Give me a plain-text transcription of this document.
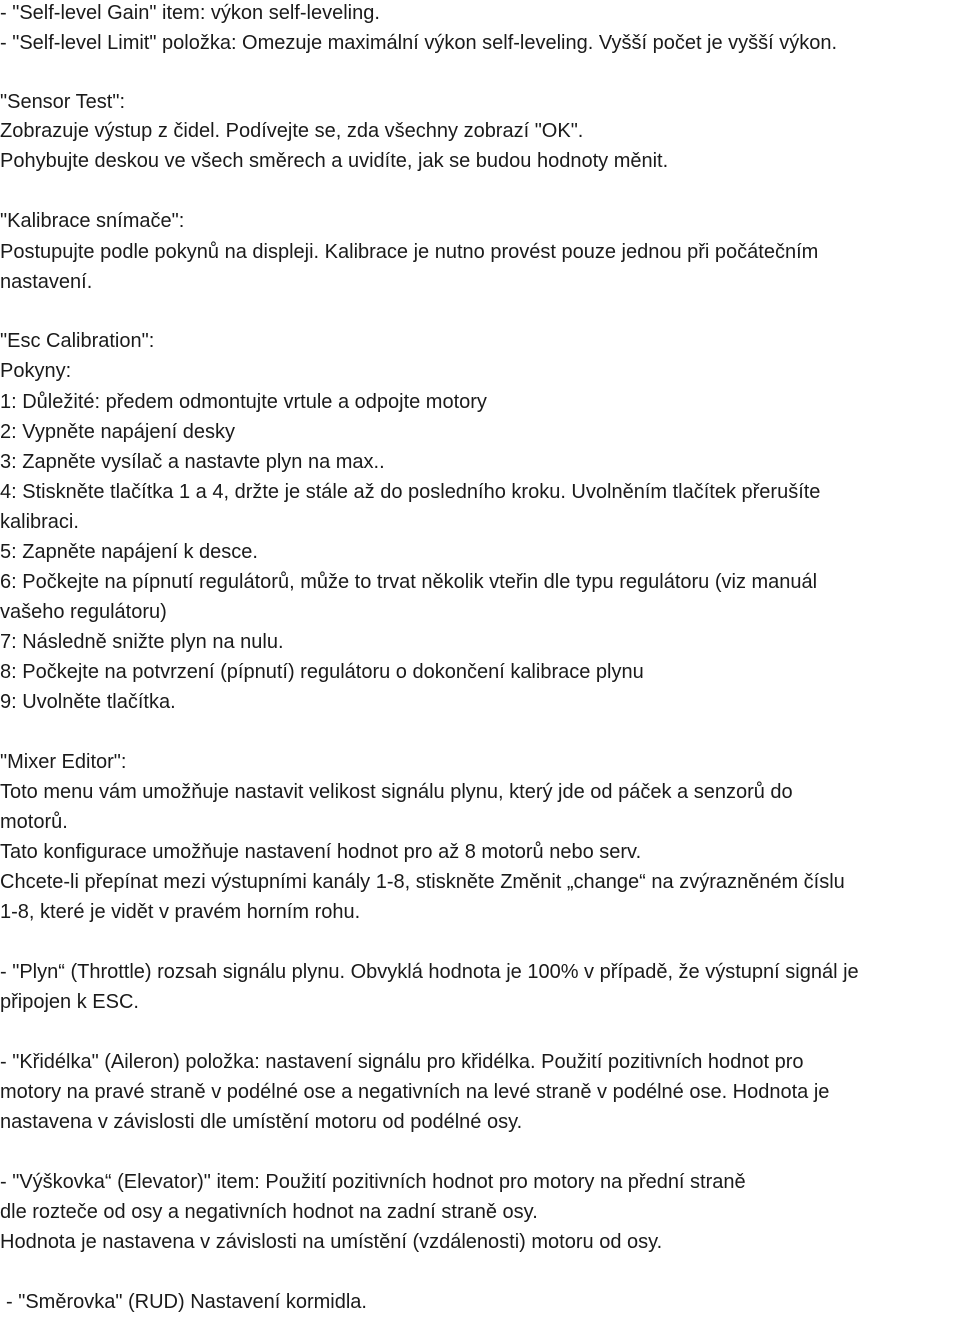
- "Self-level Gain" item: výkon self-leveling.
- "Self-level Limit" položka: Omezuje maximální výkon self-leveling. Vyšší počet je vyšší výkon.
"Sensor Test":
Zobrazuje výstup z čidel. Podívejte se, zda všechny zobrazí "OK".
Pohybujte deskou ve všech směrech a uvidíte, jak se budou hodnoty měnit.
"Kalibrace snímače":
Postupujte podle pokynů na displeji. Kalibrace je nutno provést pouze jednou při počátečním
nastavení.
"Esc Calibration":
Pokyny:
1: Důležité: předem odmontujte vrtule a odpojte motory
2: Vypněte napájení desky
3: Zapněte vysílač a nastavte plyn na max..
4: Stiskněte tlačítka 1 a 4, držte je stále až do posledního kroku. Uvolněním tlačítek přerušíte
kalibraci.
5: Zapněte napájení k desce.
6: Počkejte na pípnutí regulátorů, může to trvat několik vteřin dle typu regulátoru (viz manuál
vašeho regulátoru)
7: Následně snižte plyn na nulu.
8: Počkejte na potvrzení (pípnutí) regulátoru o dokončení kalibrace plynu
9: Uvolněte tlačítka.
"Mixer Editor":
Toto menu vám umožňuje nastavit velikost signálu plynu, který jde od páček a senzorů do
motorů.
Tato konfigurace umožňuje nastavení hodnot pro až 8 motorů nebo serv.
Chcete-li přepínat mezi výstupními kanály 1-8, stiskněte Změnit „change“ na zvýrazněném číslu
1-8, které je vidět v pravém horním rohu.
- "Plyn“ (Throttle) rozsah signálu plynu. Obvyklá hodnota je 100% v případě, že výstupní signál je
připojen k ESC.
- "Křidélka" (Aileron) položka: nastavení signálu pro křidélka. Použití pozitivních hodnot pro
motory na pravé straně v podélné ose a negativních na levé straně v podélné ose. Hodnota je
nastavena v závislosti dle umístění motoru od podélné osy.
- "Výškovka“ (Elevator)" item: Použití pozitivních hodnot pro motory na přední straně
dle rozteče od osy a negativních hodnot na zadní straně osy.
Hodnota je nastavena v závislosti na umístění (vzdálenosti) motoru od osy.
- "Směrovka" (RUD) Nastavení kormidla.
